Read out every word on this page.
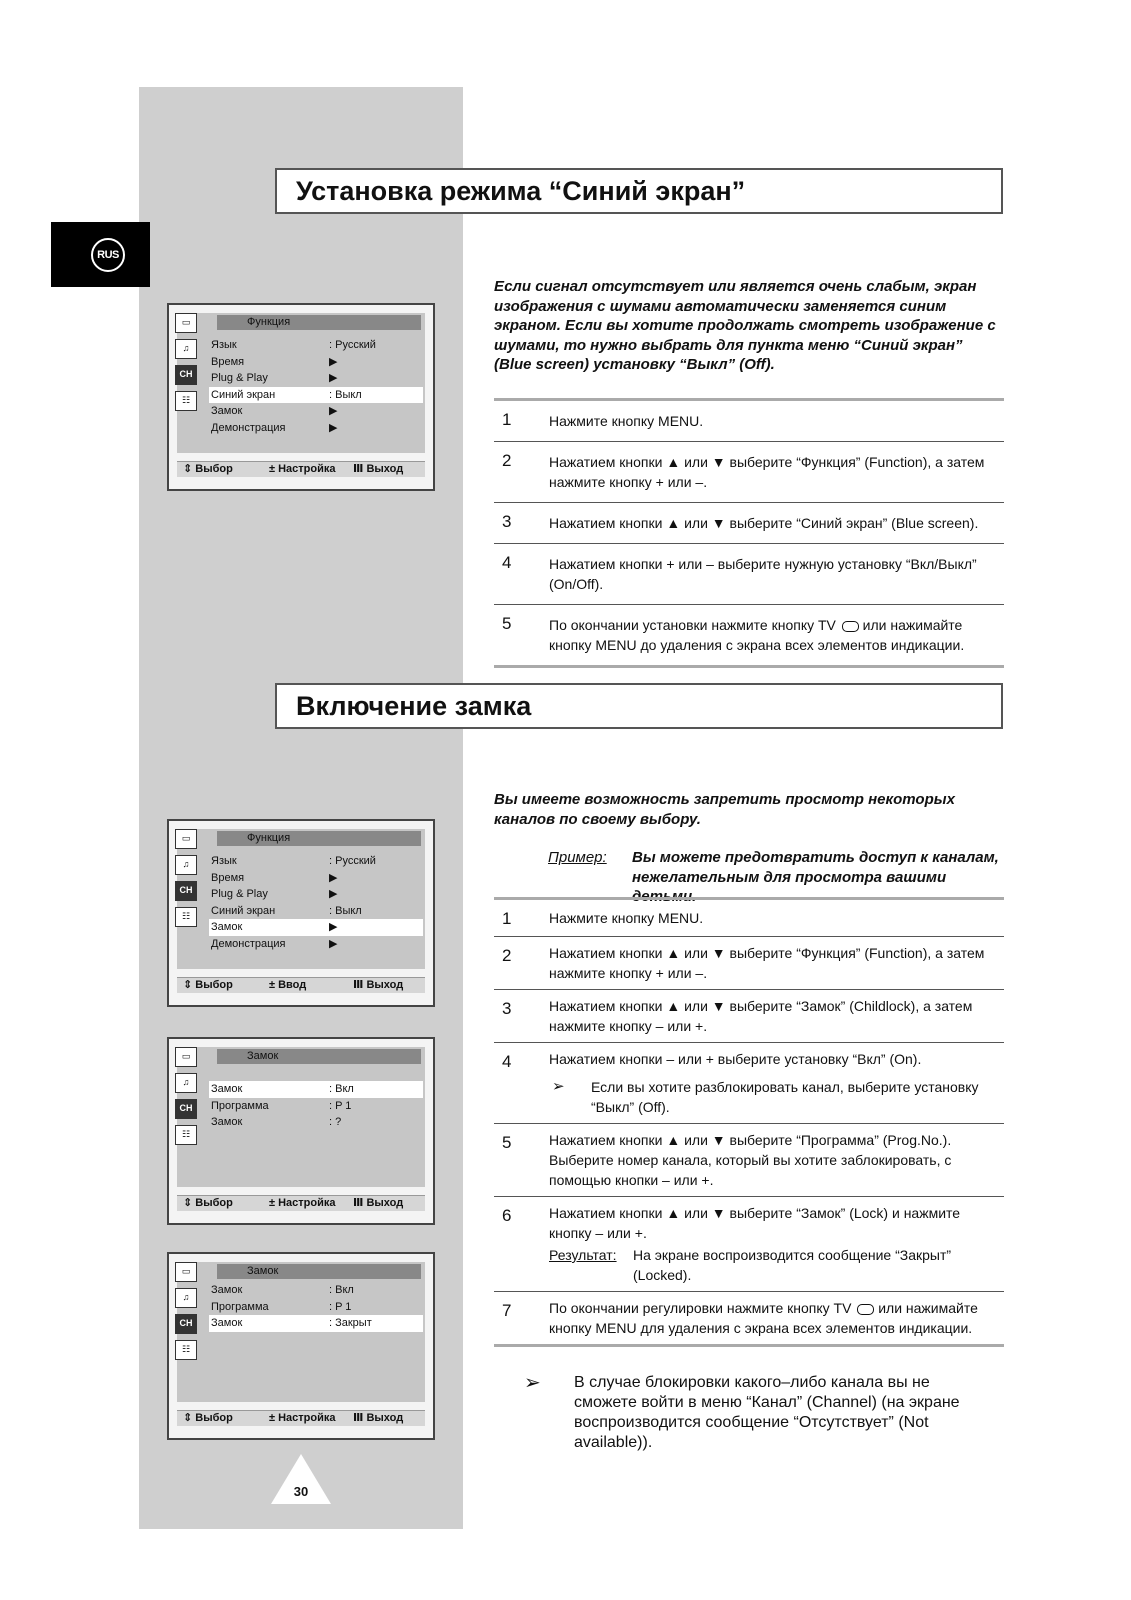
RUS
Установка режима “Синий экран”
Если сигнал отсутствует или является очень слабым, экран изображения с шумами автоматически заменяется синим экраном. Если вы хотите продолжать смотреть изображение с шумами, то нужно выбрать для пункта меню “Синий экран” (Blue screen) установку “Выкл” (Off).
1	Нажмите кнопку MENU.
2	Нажатием кнопки ▲ или ▼ выберите “Функция” (Function), а затем нажмите кнопку + или –.
3	Нажатием кнопки ▲ или ▼ выберите “Синий экран” (Blue screen).
4	Нажатием кнопки + или – выберите нужную установку “Вкл/Выкл” (On/Off).
5	По окончании установки нажмите кнопку TV или нажимайте кнопку MENU до удаления с экрана всех элементов индикации.
Включение замка
Вы имеете возможность запретить просмотр некоторых каналов по своему выбору.
Пример: Вы можете предотвратить доступ к каналам, нежелательным для просмотра вашими детьми.
1	Нажмите кнопку MENU.
2	Нажатием кнопки ▲ или ▼ выберите “Функция” (Function), а затем нажмите кнопку + или –.
3	Нажатием кнопки ▲ или ▼ выберите “Замок” (Childlock), а затем нажмите кнопку – или +.
4	Нажатием кнопки – или + выберите установку “Вкл” (On).
➢ Если вы хотите разблокировать канал, выберите установку “Выкл” (Off).
5	Нажатием кнопки ▲ или ▼ выберите “Программа” (Prog.No.). Выберите номер канала, который вы хотите заблокировать, с помощью кнопки – или +.
6	Нажатием кнопки ▲ или ▼ выберите “Замок” (Lock) и нажмите кнопку – или +.
Результат: На экране воспроизводится сообщение “Закрыт” (Locked).
7	По окончании регулировки нажмите кнопку TV или нажимайте кнопку MENU для удаления с экрана всех элементов индикации.
➢ В случае блокировки какого–либо канала вы не сможете войти в меню “Канал” (Channel) (на экране воспроизводится сообщение “Отсутствует” (Not available)).
▭
♫
CH
☷
Функция
Язык	: Русский
Время	▶
Plug & Play	▶
Синий экран	: Выкл
Замок	▶
Демонстрация	▶
⇕ Выбор	± Настройка Ⅲ Выход
▭
♫
CH
☷
Функция
Язык	: Русский
Время	▶
Plug & Play	▶
Синий экран	: Выкл
Замок	▶
Демонстрация	▶
⇕ Выбор	± Ввод	Ⅲ Выход
▭
♫
CH
☷
Замок
Замок	: Вкл
Программа	: P 1
Замок	: ?
⇕ Выбор	± Настройка Ⅲ Выход
▭
♫
CH
☷
Замок
Замок	: Вкл
Программа	: P 1
Замок	: Закрыт
⇕ Выбор	± Настройка Ⅲ Выход
30
